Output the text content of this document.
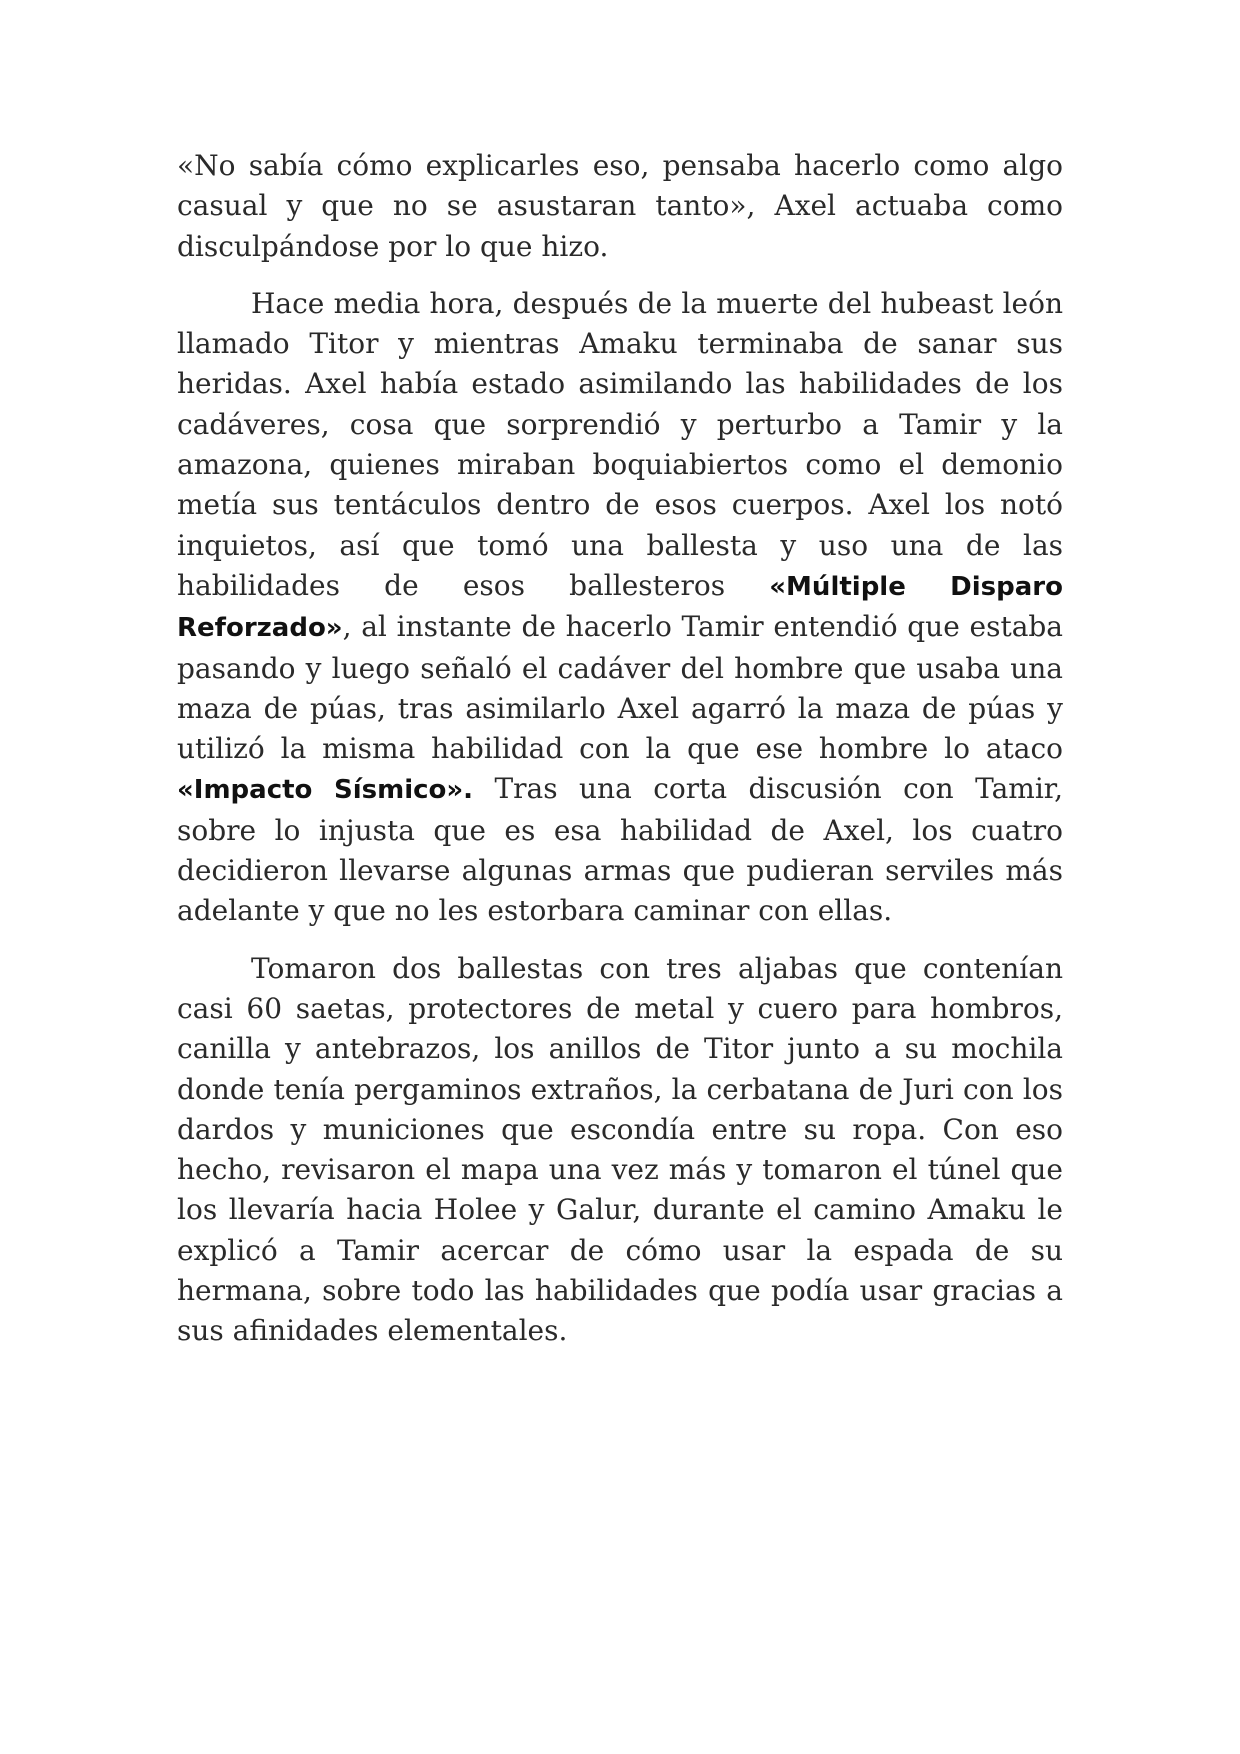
«No sabía cómo explicarles eso, pensaba hacerlo como algo casual y que no se asustaran tanto», Axel actuaba como disculpándose por lo que hizo.

Hace media hora, después de la muerte del hubeast león llamado Titor y mientras Amaku terminaba de sanar sus heridas. Axel había estado asimilando las habilidades de los cadáveres, cosa que sorprendió y perturbo a Tamir y la amazona, quienes miraban boquiabiertos como el demonio metía sus tentáculos dentro de esos cuerpos. Axel los notó inquietos, así que tomó una ballesta y uso una de las habilidades de esos ballesteros «Múltiple Disparo Reforzado», al instante de hacerlo Tamir entendió que estaba pasando y luego señaló el cadáver del hombre que usaba una maza de púas, tras asimilarlo Axel agarró la maza de púas y utilizó la misma habilidad con la que ese hombre lo ataco «Impacto Sísmico». Tras una corta discusión con Tamir, sobre lo injusta que es esa habilidad de Axel, los cuatro decidieron llevarse algunas armas que pudieran serviles más adelante y que no les estorbara caminar con ellas.

Tomaron dos ballestas con tres aljabas que contenían casi 60 saetas, protectores de metal y cuero para hombros, canilla y antebrazos, los anillos de Titor junto a su mochila donde tenía pergaminos extraños, la cerbatana de Juri con los dardos y municiones que escondía entre su ropa. Con eso hecho, revisaron el mapa una vez más y tomaron el túnel que los llevaría hacia Holee y Galur, durante el camino Amaku le explicó a Tamir acercar de cómo usar la espada de su hermana, sobre todo las habilidades que podía usar gracias a sus afinidades elementales.
